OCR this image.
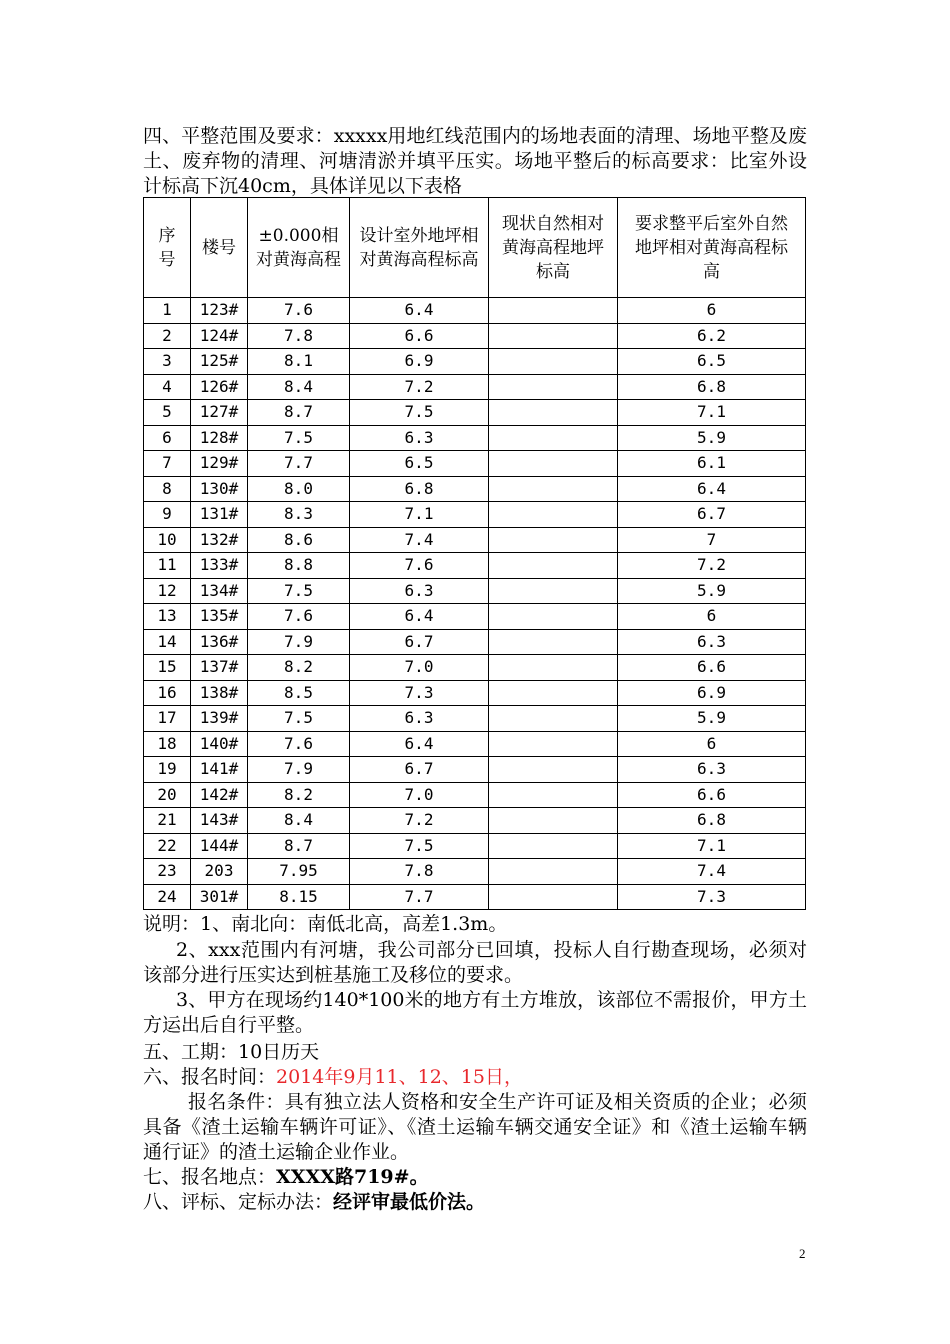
四、平整范围及要求：xxxxx用地红线范围内的场地表面的清理、场地平整及废土、废弃物的清理、河塘清淤并填平压实。场地平整后的标高要求：比室外设计标高下沉40cm，具体详见以下表格
序号	楼号	±0.000相对黄海高程	设计室外地坪相对黄海高程标高	现状自然相对黄海高程地坪标高	要求整平后室外自然地坪相对黄海高程标高
1	123#	7.6	6.4		6
2	124#	7.8	6.6		6.2
3	125#	8.1	6.9		6.5
4	126#	8.4	7.2		6.8
5	127#	8.7	7.5		7.1
6	128#	7.5	6.3		5.9
7	129#	7.7	6.5		6.1
8	130#	8.0	6.8		6.4
9	131#	8.3	7.1		6.7
10	132#	8.6	7.4		7
11	133#	8.8	7.6		7.2
12	134#	7.5	6.3		5.9
13	135#	7.6	6.4		6
14	136#	7.9	6.7		6.3
15	137#	8.2	7.0		6.6
16	138#	8.5	7.3		6.9
17	139#	7.5	6.3		5.9
18	140#	7.6	6.4		6
19	141#	7.9	6.7		6.3
20	142#	8.2	7.0		6.6
21	143#	8.4	7.2		6.8
22	144#	8.7	7.5		7.1
23	203	7.95	7.8		7.4
24	301#	8.15	7.7		7.3
说明：1、南北向：南低北高，高差1.3m。
2、xxx范围内有河塘，我公司部分已回填，投标人自行勘查现场，必须对该部分进行压实达到桩基施工及移位的要求。
3、甲方在现场约140*100米的地方有土方堆放，该部位不需报价，甲方土方运出后自行平整。
五、工期：10日历天
六、报名时间：2014年9月11、12、15日，
报名条件：具有独立法人资格和安全生产许可证及相关资质的企业；必须具备《渣土运输车辆许可证》、《渣土运输车辆交通安全证》和《渣土运输车辆通行证》的渣土运输企业作业。
七、报名地点：XXXX路719#。
八、评标、定标办法：经评审最低价法。
2
